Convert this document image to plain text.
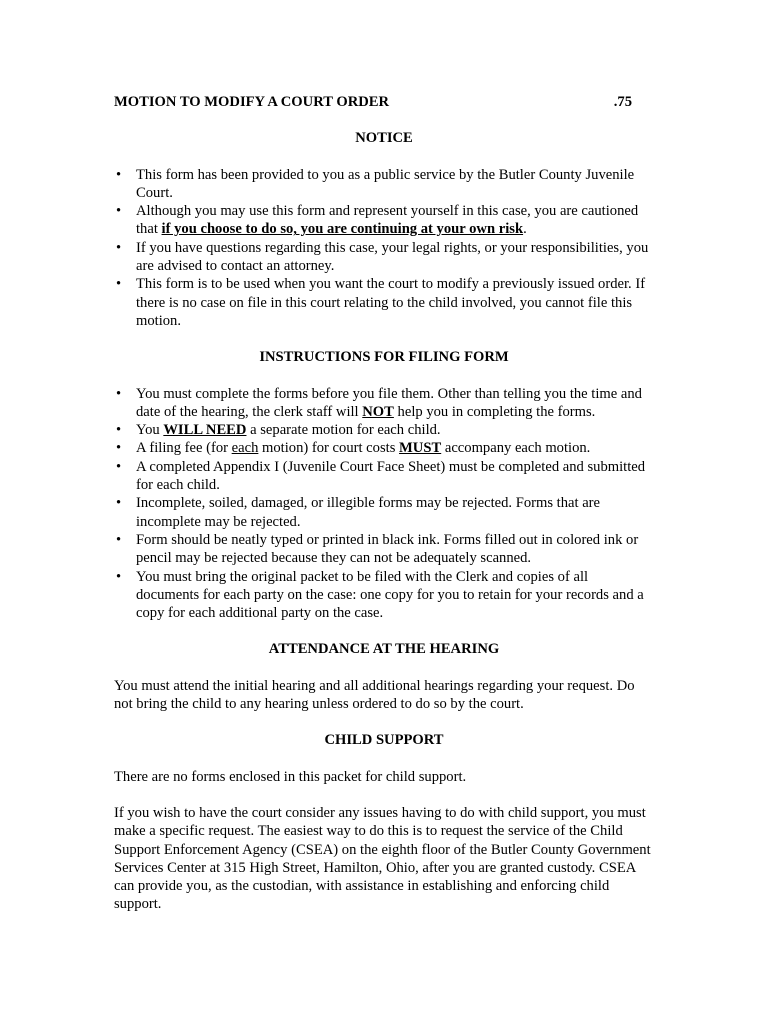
MOTION TO MODIFY A COURT ORDER	.75
NOTICE
• This form has been provided to you as a public service by the Butler County Juvenile Court.
• Although you may use this form and represent yourself in this case, you are cautioned that if you choose to do so, you are continuing at your own risk.
• If you have questions regarding this case, your legal rights, or your responsibilities, you are advised to contact an attorney.
• This form is to be used when you want the court to modify a previously issued order. If there is no case on file in this court relating to the child involved, you cannot file this motion.
INSTRUCTIONS FOR FILING FORM
• You must complete the forms before you file them. Other than telling you the time and date of the hearing, the clerk staff will NOT help you in completing the forms.
• You WILL NEED a separate motion for each child.
• A filing fee (for each motion) for court costs MUST accompany each motion.
• A completed Appendix I (Juvenile Court Face Sheet) must be completed and submitted for each child.
• Incomplete, soiled, damaged, or illegible forms may be rejected. Forms that are incomplete may be rejected.
• Form should be neatly typed or printed in black ink. Forms filled out in colored ink or pencil may be rejected because they can not be adequately scanned.
• You must bring the original packet to be filed with the Clerk and copies of all documents for each party on the case: one copy for you to retain for your records and a copy for each additional party on the case.
ATTENDANCE AT THE HEARING

You must attend the initial hearing and all additional hearings regarding your request. Do not bring the child to any hearing unless ordered to do so by the court.

CHILD SUPPORT

There are no forms enclosed in this packet for child support.

If you wish to have the court consider any issues having to do with child support, you must make a specific request. The easiest way to do this is to request the service of the Child Support Enforcement Agency (CSEA) on the eighth floor of the Butler County Government Services Center at 315 High Street, Hamilton, Ohio, after you are granted custody. CSEA can provide you, as the custodian, with assistance in establishing and enforcing child support.
